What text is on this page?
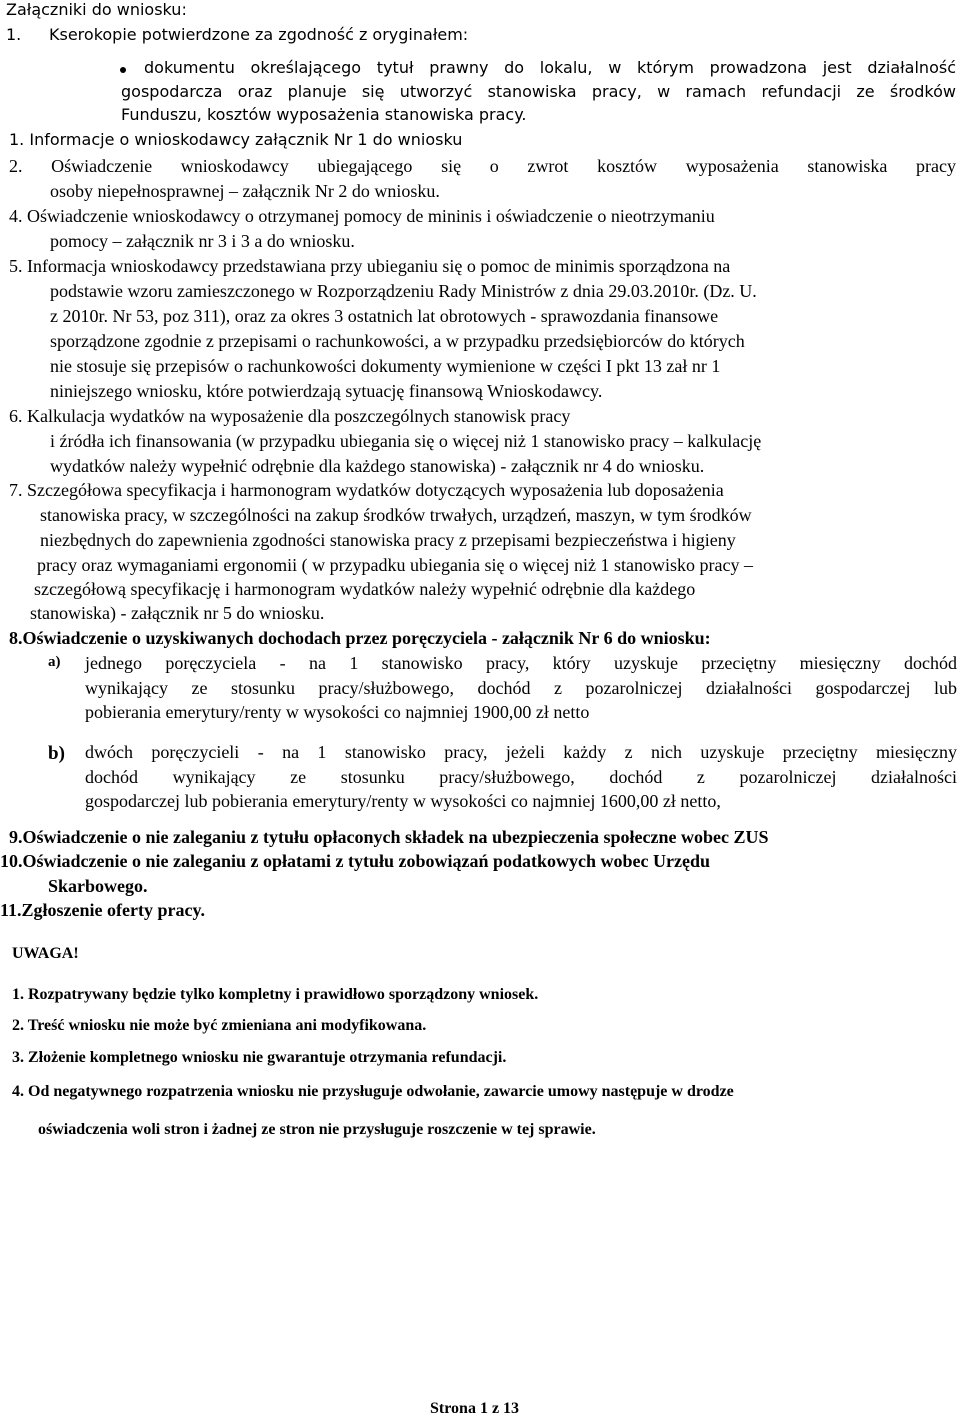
Załączniki do wniosku:
1. Kserokopie potwierdzone za zgodność z oryginałem:
dokumentu określającego tytuł prawny do lokalu, w którym prowadzona jest działalność
gospodarcza oraz planuje się utworzyć stanowiska pracy, w ramach refundacji ze środków
Funduszu, kosztów wyposażenia stanowiska pracy.
1. Informacje o wnioskodawcy załącznik Nr 1 do wniosku
2. Oświadczenie wnioskodawcy ubiegającego się o zwrot kosztów wyposażenia stanowiska pracy
osoby niepełnosprawnej – załącznik Nr 2 do wniosku.
4. Oświadczenie wnioskodawcy o otrzymanej pomocy de mininis i oświadczenie o nieotrzymaniu
pomocy – załącznik nr 3 i 3 a do wniosku.
5. Informacja wnioskodawcy przedstawiana przy ubieganiu się o pomoc de minimis sporządzona na
podstawie wzoru zamieszczonego w Rozporządzeniu Rady Ministrów z dnia 29.03.2010r. (Dz. U.
z 2010r. Nr 53, poz 311), oraz za okres 3 ostatnich lat obrotowych - sprawozdania finansowe
sporządzone zgodnie z przepisami o rachunkowości, a w przypadku przedsiębiorców do których
nie stosuje się przepisów o rachunkowości dokumenty wymienione w części I pkt 13 zał nr 1
niniejszego wniosku, które potwierdzają sytuację finansową Wnioskodawcy.
6. Kalkulacja wydatków na wyposażenie dla poszczególnych stanowisk pracy
i źródła ich finansowania (w przypadku ubiegania się o więcej niż 1 stanowisko pracy – kalkulację
wydatków należy wypełnić odrębnie dla każdego stanowiska) - załącznik nr 4 do wniosku.
7. Szczegółowa specyfikacja i harmonogram wydatków dotyczących wyposażenia lub doposażenia
stanowiska pracy, w szczególności na zakup środków trwałych, urządzeń, maszyn, w tym środków
niezbędnych do zapewnienia zgodności stanowiska pracy z przepisami bezpieczeństwa i higieny
pracy oraz wymaganiami ergonomii ( w przypadku ubiegania się o więcej niż 1 stanowisko pracy –
szczegółową specyfikację i harmonogram wydatków należy wypełnić odrębnie dla każdego
stanowiska) - załącznik nr 5 do wniosku.
8.Oświadczenie o uzyskiwanych dochodach przez poręczyciela - załącznik Nr 6 do wniosku:
a) jednego poręczyciela - na 1 stanowisko pracy, który uzyskuje przeciętny miesięczny dochód
wynikający ze stosunku pracy/służbowego, dochód z pozarolniczej działalności gospodarczej lub
pobierania emerytury/renty w wysokości co najmniej 1900,00 zł netto
b) dwóch poręczycieli - na 1 stanowisko pracy, jeżeli każdy z nich uzyskuje przeciętny miesięczny
dochód wynikający ze stosunku pracy/służbowego, dochód z pozarolniczej działalności
gospodarczej lub pobierania emerytury/renty w wysokości co najmniej 1600,00 zł netto,
9.Oświadczenie o nie zaleganiu z tytułu opłaconych składek na ubezpieczenia społeczne wobec ZUS
10.Oświadczenie o nie zaleganiu z opłatami z tytułu zobowiązań podatkowych wobec Urzędu
Skarbowego.
11.Zgłoszenie oferty pracy.
UWAGA!
1. Rozpatrywany będzie tylko kompletny i prawidłowo sporządzony wniosek.
2. Treść wniosku nie może być zmieniana ani modyfikowana.
3. Złożenie kompletnego wniosku nie gwarantuje otrzymania refundacji.
4. Od negatywnego rozpatrzenia wniosku nie przysługuje odwołanie, zawarcie umowy następuje w drodze
oświadczenia woli stron i żadnej ze stron nie przysługuje roszczenie w tej sprawie.
Strona 1 z 13
